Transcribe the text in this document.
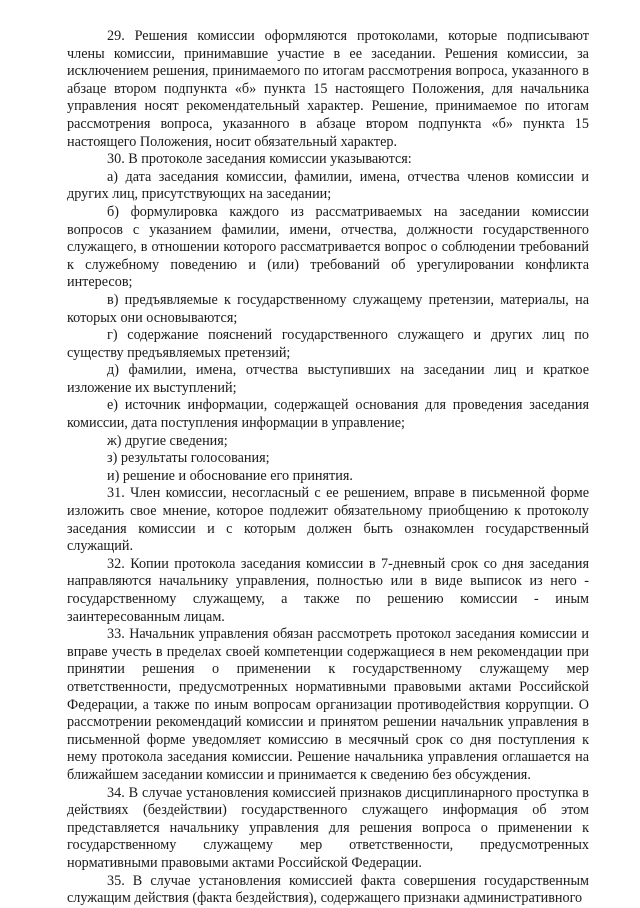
29. Решения комиссии оформляются протоколами, которые подписывают члены комиссии, принимавшие участие в ее заседании. Решения комиссии, за исключением решения, принимаемого по итогам рассмотрения вопроса, указанного в абзаце втором подпункта «б» пункта 15 настоящего Положения, для начальника управления носят рекомендательный характер. Решение, принимаемое по итогам рассмотрения вопроса, указанного в абзаце втором подпункта «б» пункта 15 настоящего Положения, носит обязательный характер.

30. В протоколе заседания комиссии указываются:

а) дата заседания комиссии, фамилии, имена, отчества членов комиссии и других лиц, присутствующих на заседании;

б) формулировка каждого из рассматриваемых на заседании комиссии вопросов с указанием фамилии, имени, отчества, должности государственного служащего, в отношении которого рассматривается вопрос о соблюдении требований к служебному поведению и (или) требований об урегулировании конфликта интересов;

в) предъявляемые к государственному служащему претензии, материалы, на которых они основываются;

г) содержание пояснений государственного служащего и других лиц по существу предъявляемых претензий;

д) фамилии, имена, отчества выступивших на заседании лиц и краткое изложение их выступлений;

е) источник информации, содержащей основания для проведения заседания комиссии, дата поступления информации в управление;

ж) другие сведения;

з) результаты голосования;

и) решение и обоснование его принятия.

31. Член комиссии, несогласный с ее решением, вправе в письменной форме изложить свое мнение, которое подлежит обязательному приобщению к протоколу заседания комиссии и с которым должен быть ознакомлен государственный служащий.

32. Копии протокола заседания комиссии в 7-дневный срок со дня заседания направляются начальнику управления, полностью или в виде выписок из него - государственному служащему, а также по решению комиссии - иным заинтересованным лицам.

33. Начальник управления обязан рассмотреть протокол заседания комиссии и вправе учесть в пределах своей компетенции содержащиеся в нем рекомендации при принятии решения о применении к государственному служащему мер ответственности, предусмотренных нормативными правовыми актами Российской Федерации, а также по иным вопросам организации противодействия коррупции. О рассмотрении рекомендаций комиссии и принятом решении начальник управления в письменной форме уведомляет комиссию в месячный срок со дня поступления к нему протокола заседания комиссии. Решение начальника управления оглашается на ближайшем заседании комиссии и принимается к сведению без обсуждения.

34. В случае установления комиссией признаков дисциплинарного проступка в действиях (бездействии) государственного служащего информация об этом представляется начальнику управления для решения вопроса о применении к государственному служащему мер ответственности, предусмотренных нормативными правовыми актами Российской Федерации.

35. В случае установления комиссией факта совершения государственным служащим действия (факта бездействия), содержащего признаки административного
